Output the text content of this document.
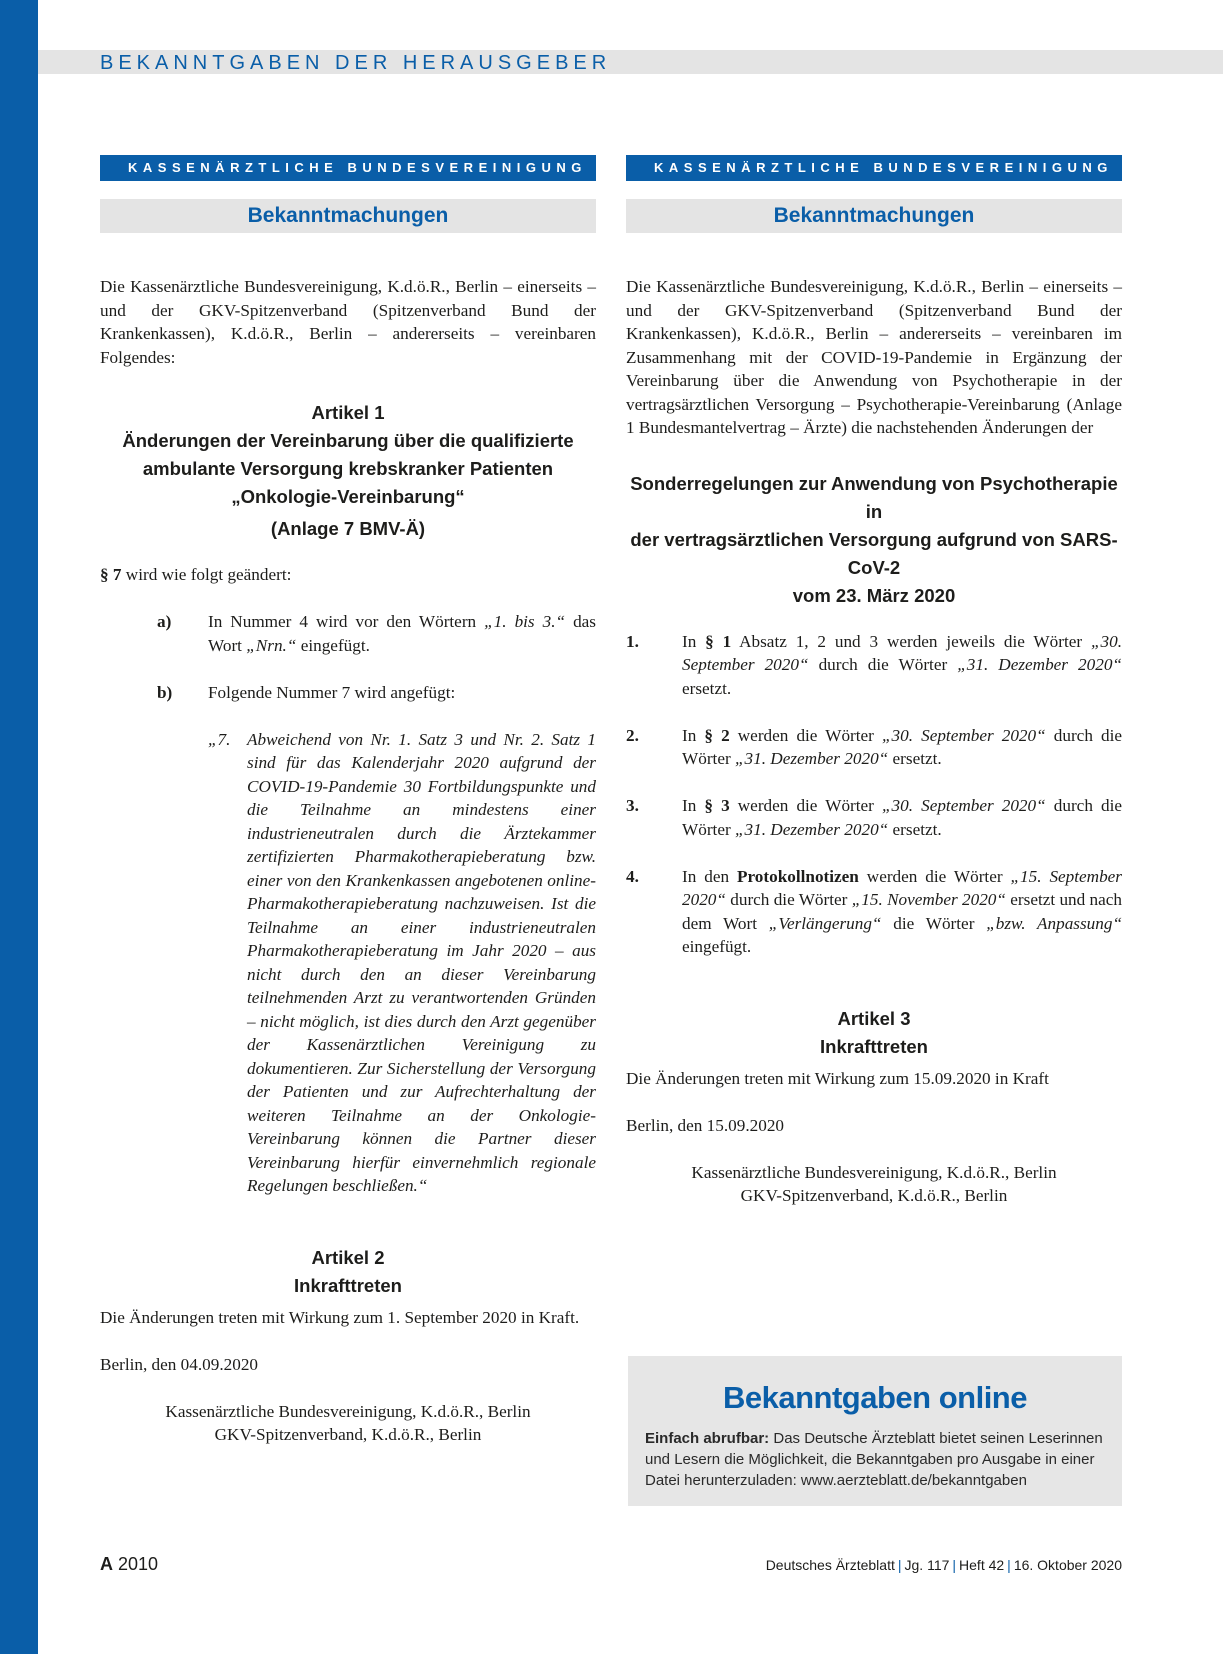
BEKANNTGABEN DER HERAUSGEBER
KASSENÄRZTLICHE BUNDESVEREINIGUNG
Bekanntmachungen

Die Kassenärztliche Bundesvereinigung, K.d.ö.R., Berlin – einerseits – und der GKV-Spitzenverband (Spitzenverband Bund der Krankenkassen), K.d.ö.R., Berlin – andererseits – vereinbaren Folgendes:

Artikel 1
Änderungen der Vereinbarung über die qualifizierte
ambulante Versorgung krebskranker Patienten
„Onkologie-Vereinbarung“
(Anlage 7 BMV-Ä)

§ 7 wird wie folgt geändert:

a)	In Nummer 4 wird vor den Wörtern „1. bis 3.“ das Wort „Nrn.“ eingefügt.

b)	Folgende Nummer 7 wird angefügt:

„7. Abweichend von Nr. 1. Satz 3 und Nr. 2. Satz 1 sind für das Kalenderjahr 2020 aufgrund der COVID-19-Pandemie 30 Fortbildungspunkte und die Teilnahme an mindestens einer industrieneutralen durch die Ärztekammer zertifizierten Pharmakotherapieberatung bzw. einer von den Krankenkassen angebotenen online-Pharmakotherapieberatung nachzuweisen. Ist die Teilnahme an einer industrieneutralen Pharmakotherapieberatung im Jahr 2020 – aus nicht durch den an dieser Vereinbarung teilnehmenden Arzt zu verantwortenden Gründen – nicht möglich, ist dies durch den Arzt gegenüber der Kassenärztlichen Vereinigung zu dokumentieren. Zur Sicherstellung der Versorgung der Patienten und zur Aufrechterhaltung der weiteren Teilnahme an der Onkologie-Vereinbarung können die Partner dieser Vereinbarung hierfür einvernehmlich regionale Regelungen beschließen.“

Artikel 2
Inkrafttreten

Die Änderungen treten mit Wirkung zum 1. September 2020 in Kraft.

Berlin, den 04.09.2020

Kassenärztliche Bundesvereinigung, K.d.ö.R., Berlin
GKV-Spitzenverband, K.d.ö.R., Berlin
KASSENÄRZTLICHE BUNDESVEREINIGUNG
Bekanntmachungen

Die Kassenärztliche Bundesvereinigung, K.d.ö.R., Berlin – einerseits – und der GKV-Spitzenverband (Spitzenverband Bund der Krankenkassen), K.d.ö.R., Berlin – andererseits – vereinbaren im Zusammenhang mit der COVID-19-Pandemie in Ergänzung der Vereinbarung über die Anwendung von Psychotherapie in der vertragsärztlichen Versorgung – Psychotherapie-Vereinbarung (Anlage 1 Bundesmantelvertrag – Ärzte) die nachstehenden Änderungen der

Sonderregelungen zur Anwendung von Psychotherapie in
der vertragsärztlichen Versorgung aufgrund von SARS-CoV-2
vom 23. März 2020
1.	In § 1 Absatz 1, 2 und 3 werden jeweils die Wörter „30. September 2020“ durch die Wörter „31. Dezember 2020“ ersetzt.

2.	In § 2 werden die Wörter „30. September 2020“ durch die Wörter „31. Dezember 2020“ ersetzt.

3.	In § 3 werden die Wörter „30. September 2020“ durch die Wörter „31. Dezember 2020“ ersetzt.

4.	In den Protokollnotizen werden die Wörter „15. September 2020“ durch die Wörter „15. November 2020“ ersetzt und nach dem Wort „Verlängerung“ die Wörter „bzw. Anpassung“ eingefügt.

Artikel 3
Inkrafttreten

Die Änderungen treten mit Wirkung zum 15.09.2020 in Kraft

Berlin, den 15.09.2020

Kassenärztliche Bundesvereinigung, K.d.ö.R., Berlin
GKV-Spitzenverband, K.d.ö.R., Berlin
Bekanntgaben online
Einfach abrufbar: Das Deutsche Ärzteblatt bietet seinen Leserinnen und Lesern die Möglichkeit, die Bekanntgaben pro Ausgabe in einer Datei herunterzuladen: www.aerzteblatt.de/bekanntgaben
A 2010	Deutsches Ärzteblatt | Jg. 117 | Heft 42 | 16. Oktober 2020
